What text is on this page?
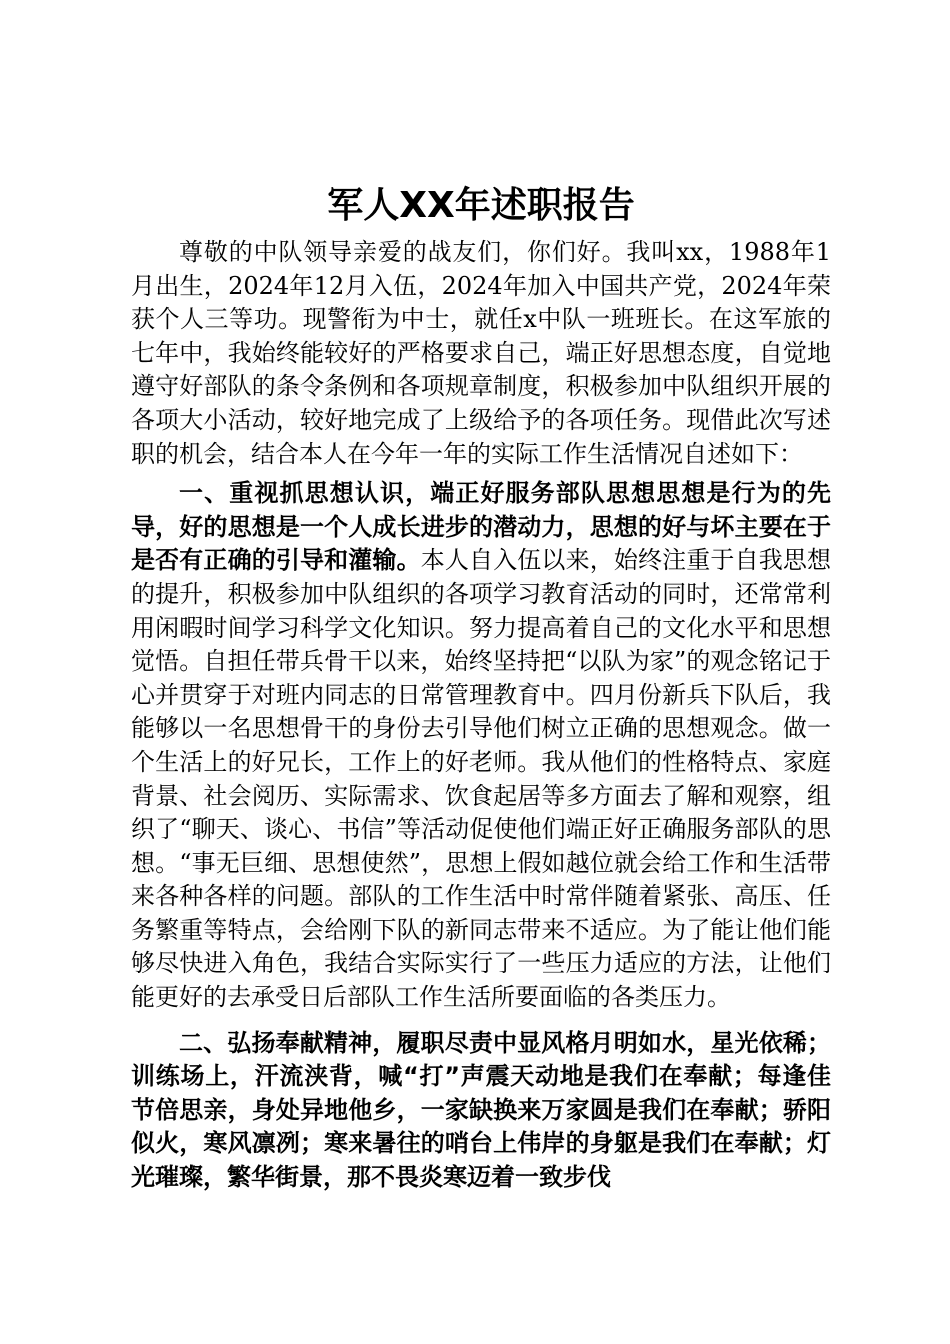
军人XX年述职报告

尊敬的中队领导亲爱的战友们，你们好。我叫xx，1988年1月出生，2024年12月入伍，2024年加入中国共产党，2024年荣获个人三等功。现警衔为中士，就任x中队一班班长。在这军旅的七年中，我始终能较好的严格要求自己，端正好思想态度，自觉地遵守好部队的条令条例和各项规章制度，积极参加中队组织开展的各项大小活动，较好地完成了上级给予的各项任务。现借此次写述职的机会，结合本人在今年一年的实际工作生活情况自述如下：

一、重视抓思想认识，端正好服务部队思想思想是行为的先导，好的思想是一个人成长进步的潜动力，思想的好与坏主要在于是否有正确的引导和灌输。本人自入伍以来，始终注重于自我思想的提升，积极参加中队组织的各项学习教育活动的同时，还常常利用闲暇时间学习科学文化知识。努力提高着自己的文化水平和思想觉悟。自担任带兵骨干以来，始终坚持把“以队为家”的观念铭记于心并贯穿于对班内同志的日常管理教育中。四月份新兵下队后，我能够以一名思想骨干的身份去引导他们树立正确的思想观念。做一个生活上的好兄长，工作上的好老师。我从他们的性格特点、家庭背景、社会阅历、实际需求、饮食起居等多方面去了解和观察，组织了“聊天、谈心、书信”等活动促使他们端正好正确服务部队的思想。“事无巨细、思想使然”，思想上假如越位就会给工作和生活带来各种各样的问题。部队的工作生活中时常伴随着紧张、高压、任务繁重等特点，会给刚下队的新同志带来不适应。为了能让他们能够尽快进入角色，我结合实际实行了一些压力适应的方法，让他们能更好的去承受日后部队工作生活所要面临的各类压力。

二、弘扬奉献精神，履职尽责中显风格月明如水，星光依稀；训练场上，汗流浃背，喊“打”声震天动地是我们在奉献；每逢佳节倍思亲，身处异地他乡，一家缺换来万家圆是我们在奉献；骄阳似火，寒风凛冽；寒来暑往的哨台上伟岸的身躯是我们在奉献；灯光璀璨，繁华街景，那不畏炎寒迈着一致步伐
